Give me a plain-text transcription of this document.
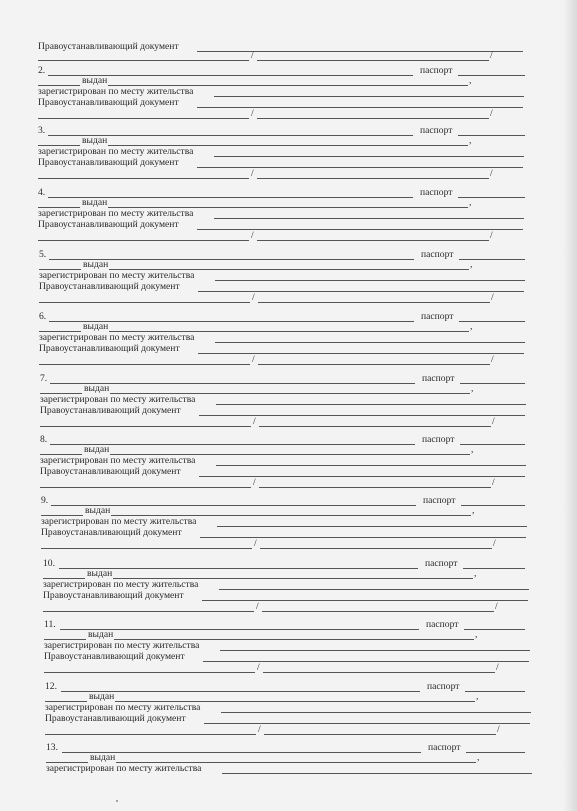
Правоустанавливающий документ
/	/
2.	паспорт
выдан	,
зарегистрирован по месту жительства
Правоустанавливающий документ
/	/
3.	паспорт
выдан	,
зарегистрирован по месту жительства
Правоустанавливающий документ
/	/
4.	паспорт
выдан	,
зарегистрирован по месту жительства
Правоустанавливающий документ
/	/
5.	паспорт
выдан	,
зарегистрирован по месту жительства
Правоустанавливающий документ
/	/
6.	паспорт
выдан	,
зарегистрирован по месту жительства
Правоустанавливающий документ
/	/
7.	паспорт
выдан	,
зарегистрирован по месту жительства
Правоустанавливающий документ
/	/
8.	паспорт
выдан	,
зарегистрирован по месту жительства
Правоустанавливающий документ
/	/
9.	паспорт
выдан	,
зарегистрирован по месту жительства
Правоустанавливающий документ
/	/
10.	паспорт
выдан	,
зарегистрирован по месту жительства
Правоустанавливающий документ
/	/
11.	паспорт
выдан	,
зарегистрирован по месту жительства
Правоустанавливающий документ
/	/
12.	паспорт
выдан	,
зарегистрирован по месту жительства
Правоустанавливающий документ
/	/
13.	паспорт
выдан	,
зарегистрирован по месту жительства
